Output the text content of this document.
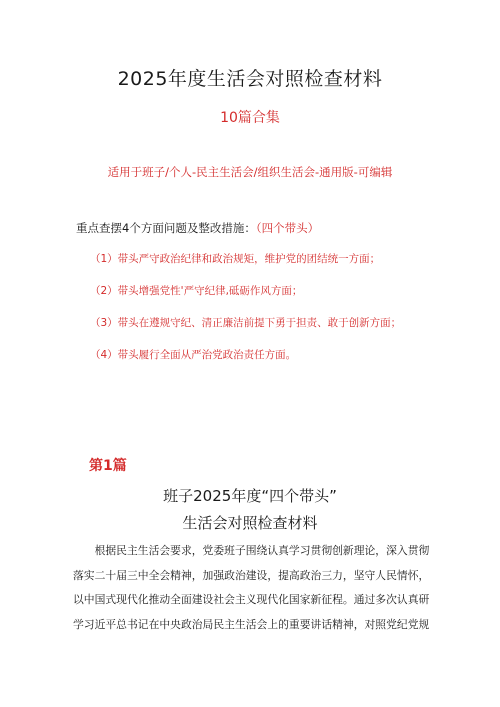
2025年度生活会对照检查材料
10篇合集
适用于班子/个人-民主生活会/组织生活会-通用版-可编辑
重点查摆4个方面问题及整改措施：（四个带头）
（1）带头严守政治纪律和政治规矩，维护党的团结统一方面；
（2）带头增强党性'严守纪律,砥砺作风方面；
（3）带头在遵规守纪、清正廉洁前提下勇于担责、敢于创新方面；
（4）带头履行全面从严治党政治责任方面。
第1篇
班子2025年度“四个带头”
生活会对照检查材料
　　根据民主生活会要求，党委班子围绕认真学习贯彻创新理论，深入贯彻
落实二十届三中全会精神，加强政治建设，提高政治三力，坚守人民情怀，
以中国式现代化推动全面建设社会主义现代化国家新征程。通过多次认真研
学习近平总书记在中央政治局民主生活会上的重要讲话精神，对照党纪党规
